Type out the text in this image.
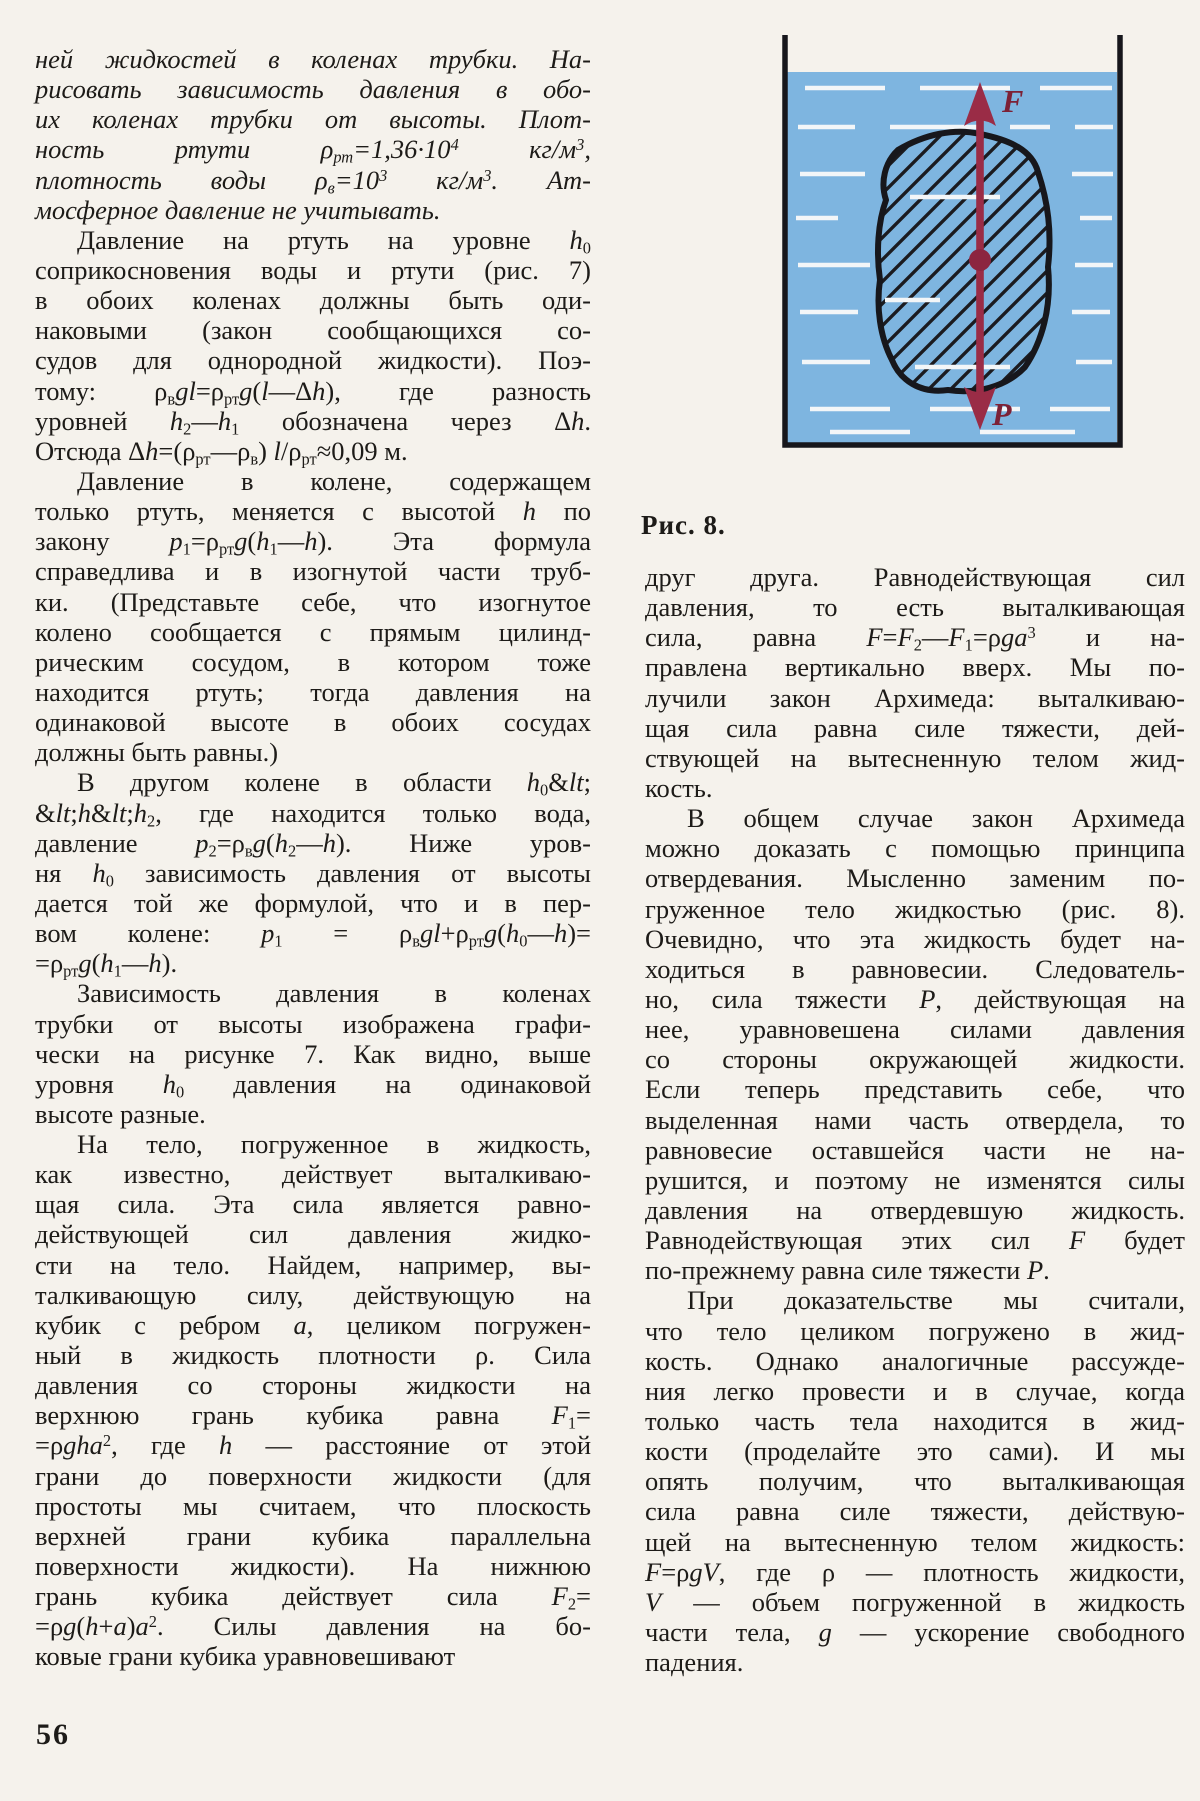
ней жидкостей в коленах трубки. На-
рисовать зависимость давления в обо-
их коленах трубки от высоты. Плот-
ность ртути $\rho_{рт}=1,36\cdot 10^4$ $кг/м^3$,
плотность воды $\rho_в=10^3$ $кг/м^3$. Ат-
мосферное давление не учитывать.
Давление на ртуть на уровне $h_0$
соприкосновения воды и ртути (рис. 7)
в обоих коленах должны быть оди-
наковыми (закон сообщающихся со-
судов для однородной жидкости). Поэ-
тому: $\rho_вgl=\rho_{рт}g(l—\Delta h)$, где разность
уровней $h_2—h_1$ обозначена через Δh.
Отсюда $\Delta h=(\rho_{рт}—\rho_в)$ $l/\rho_{рт}\approx 0,09$ м.
Давление в колене, содержащем
только ртуть, меняется с высотой h по
закону $p_1=\rho_{рт}g(h_1—h)$. Эта формула
справедлива и в изогнутой части труб-
ки. (Представьте себе, что изогнутое
колено сообщается с прямым цилинд-
рическим сосудом, в котором тоже
находится ртуть; тогда давления на
одинаковой высоте в обоих сосудах
должны быть равны.)
В другом колене в области $h_0\&lt$;
$\&lt;h\&lt;h_2$, где находится только вода,
давление $p_2=\rho_вg(h_2—h)$. Ниже уров-
ня $h_0$ зависимость давления от высоты
дается той же формулой, что и в пер-
вом колене: $p_1$ = $\rho_вgl+\rho_{рт}g(h_0—h)=$
$=\rho_{рт}g(h_1—h)$.
Зависимость давления в коленах
трубки от высоты изображена графи-
чески на рисунке 7. Как видно, выше
уровня $h_0$ давления на одинаковой
высоте разные.
На тело, погруженное в жидкость,
как известно, действует выталкиваю-
щая сила. Эта сила является равно-
действующей сил давления жидко-
сти на тело. Найдем, например, вы-
талкивающую силу, действующую на
кубик с ребром a, целиком погружен-
ный в жидкость плотности ρ. Сила
давления со стороны жидкости на
верхнюю грань кубика равна $F_1=$
=ρgha$^2$, где h — расстояние от этой
грани до поверхности жидкости (для
простоты мы считаем, что плоскость
верхней грани кубика параллельна
поверхности жидкости). На нижнюю
грань кубика действует сила $F_2=$
$=\rho g(h+a)a^2$. Силы давления на бо-
ковые грани кубика уравновешивают
F
P
Рис. 8.
друг друга. Равнодействующая сил
давления, то есть выталкивающая
сила, равна $F=F_2—F_1=\rho ga^3$ и на-
правлена вертикально вверх. Мы по-
лучили закон Архимеда: выталкиваю-
щая сила равна силе тяжести, дей-
ствующей на вытесненную телом жид-
кость.
В общем случае закон Архимеда
можно доказать с помощью принципа
отвердевания. Мысленно заменим по-
груженное тело жидкостью (рис. 8).
Очевидно, что эта жидкость будет на-
ходиться в равновесии. Следователь-
но, сила тяжести P, действующая на
нее, уравновешена силами давления
со стороны окружающей жидкости.
Если теперь представить себе, что
выделенная нами часть отвердела, то
равновесие оставшейся части не на-
рушится, и поэтому не изменятся силы
давления на отвердевшую жидкость.
Равнодействующая этих сил F будет
по-прежнему равна силе тяжести P.
При доказательстве мы считали,
что тело целиком погружено в жид-
кость. Однако аналогичные рассужде-
ния легко провести и в случае, когда
только часть тела находится в жид-
кости (проделайте это сами). И мы
опять получим, что выталкивающая
сила равна силе тяжести, действую-
щей на вытесненную телом жидкость:
F=ρgV, где ρ — плотность жидкости,
V — объем погруженной в жидкость
части тела, g — ускорение свободного
падения.
56
